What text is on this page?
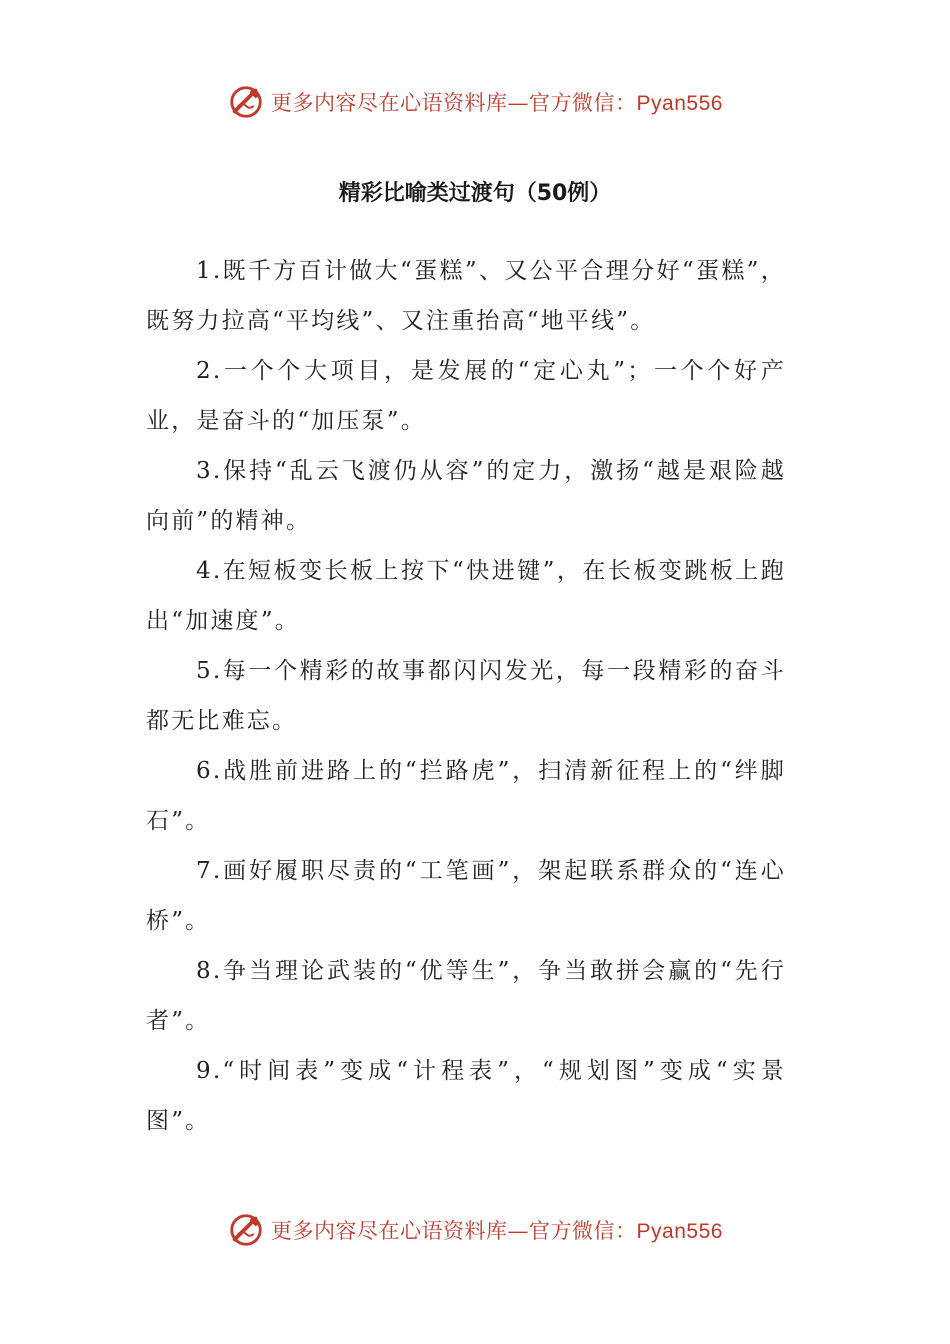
更多内容尽在心语资料库—官方微信：Pyan556
精彩比喻类过渡句（50例）

1.既千方百计做大“蛋糕”、又公平合理分好“蛋糕”，既努力拉高“平均线”、又注重抬高“地平线”。

2.一个个大项目，是发展的“定心丸”；一个个好产业，是奋斗的“加压泵”。

3.保持“乱云飞渡仍从容”的定力，激扬“越是艰险越向前”的精神。

4.在短板变长板上按下“快进键”，在长板变跳板上跑出“加速度”。

5.每一个精彩的故事都闪闪发光，每一段精彩的奋斗都无比难忘。

6.战胜前进路上的“拦路虎”，扫清新征程上的“绊脚石”。

7.画好履职尽责的“工笔画”，架起联系群众的“连心桥”。

8.争当理论武装的“优等生”，争当敢拼会赢的“先行者”。

9.“时间表”变成“计程表”，“规划图”变成“实景图”。

更多内容尽在心语资料库—官方微信：Pyan556
